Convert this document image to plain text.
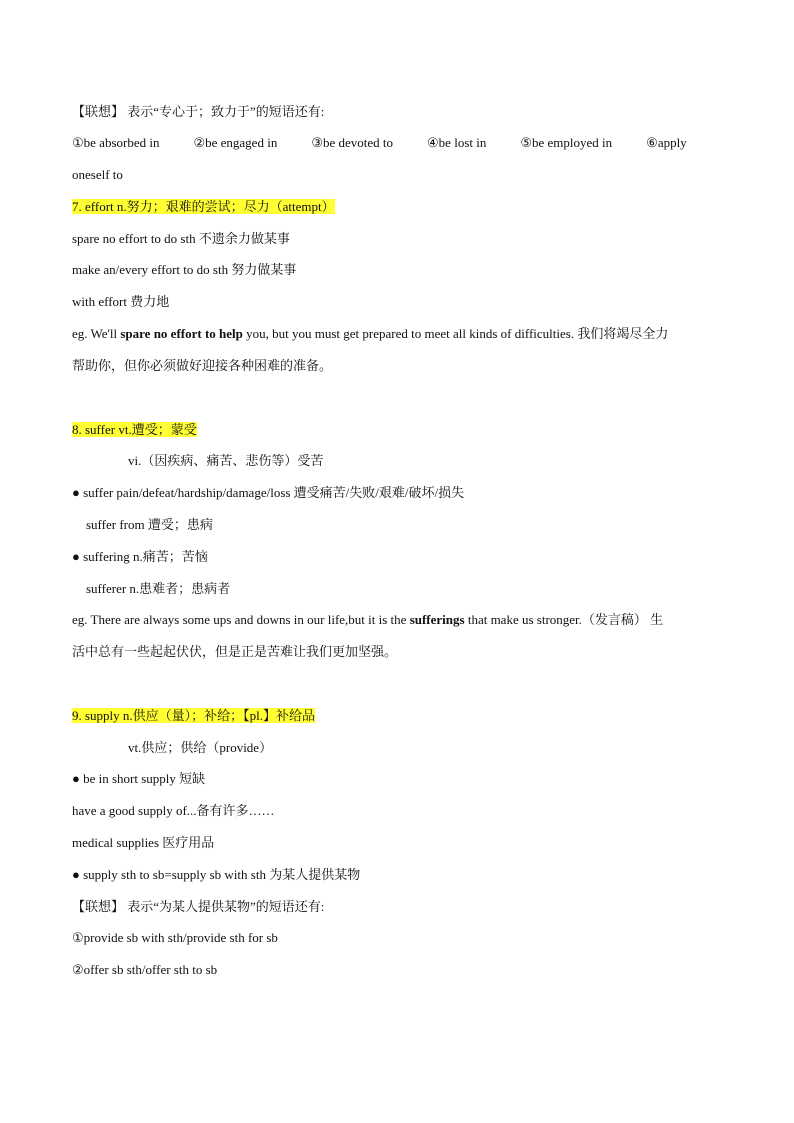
【联想】 表示“专心于；致力于”的短语还有:
①be absorbed in	②be engaged in	③be devoted to	④be lost in	⑤be employed in	⑥apply
oneself to
7. effort n.努力；艰难的尝试；尽力（attempt）
spare no effort to do sth 不遗余力做某事
make an/every effort to do sth 努力做某事
with effort 费力地
eg. We'll spare no effort to help you, but you must get prepared to meet all kinds of difficulties. 我们将竭尽全力
帮助你，但你必须做好迎接各种困难的准备。
8. suffer vt.遭受；蒙受
vi.（因疾病、痛苦、悲伤等）受苦
● suffer pain/defeat/hardship/damage/loss 遭受痛苦/失败/艰难/破坏/损失
suffer from 遭受；患病
● suffering n.痛苦；苦恼
sufferer n.患难者；患病者
eg. There are always some ups and downs in our life,but it is the sufferings that make us stronger.（发言稿） 生
活中总有一些起起伏伏，但是正是苦难让我们更加坚强。
9. supply n.供应（量）；补给；【pl.】补给品
vt.供应；供给（provide）
● be in short supply 短缺
have a good supply of...备有许多……
medical supplies 医疗用品
● supply sth to sb=supply sb with sth 为某人提供某物
【联想】 表示“为某人提供某物”的短语还有:
①provide sb with sth/provide sth for sb
②offer sb sth/offer sth to sb
